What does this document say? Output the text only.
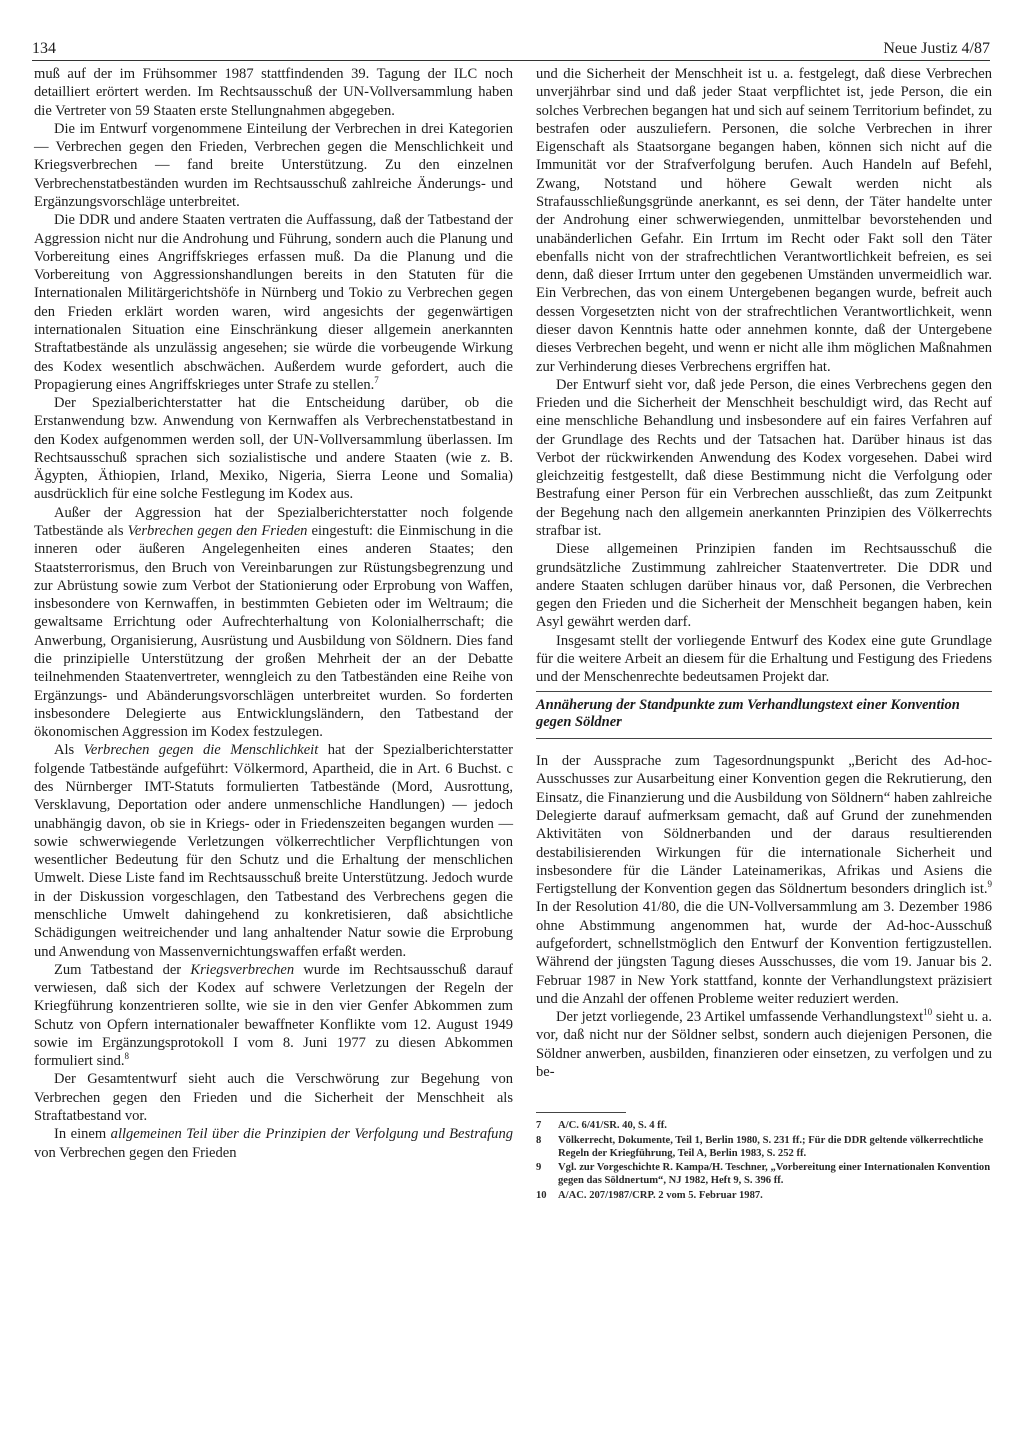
134	Neue Justiz 4/87

muß auf der im Frühsommer 1987 stattfindenden 39. Tagung der ILC noch detailliert erörtert werden. Im Rechtsausschuß der UN-Vollversammlung haben die Vertreter von 59 Staaten erste Stellungnahmen abgegeben.

Die im Entwurf vorgenommene Einteilung der Verbrechen in drei Kategorien — Verbrechen gegen den Frieden, Verbrechen gegen die Menschlichkeit und Kriegsverbrechen — fand breite Unterstützung. Zu den einzelnen Verbrechenstatbeständen wurden im Rechtsausschuß zahlreiche Änderungs- und Ergänzungsvorschläge unterbreitet.

Die DDR und andere Staaten vertraten die Auffassung, daß der Tatbestand der Aggression nicht nur die Androhung und Führung, sondern auch die Planung und Vorbereitung eines Angriffskrieges erfassen muß. Da die Planung und die Vorbereitung von Aggressionshandlungen bereits in den Statuten für die Internationalen Militärgerichtshöfe in Nürnberg und Tokio zu Verbrechen gegen den Frieden erklärt worden waren, wird angesichts der gegenwärtigen internationalen Situation eine Einschränkung dieser allgemein anerkannten Straftatbestände als unzulässig angesehen; sie würde die vorbeugende Wirkung des Kodex wesentlich abschwächen. Außerdem wurde gefordert, auch die Propagierung eines Angriffskrieges unter Strafe zu stellen.$^7$

Der Spezialberichterstatter hat die Entscheidung darüber, ob die Erstanwendung bzw. Anwendung von Kernwaffen als Verbrechenstatbestand in den Kodex aufgenommen werden soll, der UN-Vollversammlung überlassen. Im Rechtsausschuß sprachen sich sozialistische und andere Staaten (wie z. B. Ägypten, Äthiopien, Irland, Mexiko, Nigeria, Sierra Leone und Somalia) ausdrücklich für eine solche Festlegung im Kodex aus.

Außer der Aggression hat der Spezialberichterstatter noch folgende Tatbestände als Verbrechen gegen den Frieden eingestuft: die Einmischung in die inneren oder äußeren Angelegenheiten eines anderen Staates; den Staatsterrorismus, den Bruch von Vereinbarungen zur Rüstungsbegrenzung und zur Abrüstung sowie zum Verbot der Stationierung oder Erprobung von Waffen, insbesondere von Kernwaffen, in bestimmten Gebieten oder im Weltraum; die gewaltsame Errichtung oder Aufrechterhaltung von Kolonialherrschaft; die Anwerbung, Organisierung, Ausrüstung und Ausbildung von Söldnern. Dies fand die prinzipielle Unterstützung der großen Mehrheit der an der Debatte teilnehmenden Staatenvertreter, wenngleich zu den Tatbeständen eine Reihe von Ergänzungs- und Abänderungsvorschlägen unterbreitet wurden. So forderten insbesondere Delegierte aus Entwicklungsländern, den Tatbestand der ökonomischen Aggression im Kodex festzulegen.

Als Verbrechen gegen die Menschlichkeit hat der Spezialberichterstatter folgende Tatbestände aufgeführt: Völkermord, Apartheid, die in Art. 6 Buchst. c des Nürnberger IMT-Statuts formulierten Tatbestände (Mord, Ausrottung, Versklavung, Deportation oder andere unmenschliche Handlungen) — jedoch unabhängig davon, ob sie in Kriegs- oder in Friedenszeiten begangen wurden — sowie schwerwiegende Verletzungen völkerrechtlicher Verpflichtungen von wesentlicher Bedeutung für den Schutz und die Erhaltung der menschlichen Umwelt. Diese Liste fand im Rechtsausschuß breite Unterstützung. Jedoch wurde in der Diskussion vorgeschlagen, den Tatbestand des Verbrechens gegen die menschliche Umwelt dahingehend zu konkretisieren, daß absichtliche Schädigungen weitreichender und lang anhaltender Natur sowie die Erprobung und Anwendung von Massenvernichtungswaffen erfaßt werden.

Zum Tatbestand der Kriegsverbrechen wurde im Rechtsausschuß darauf verwiesen, daß sich der Kodex auf schwere Verletzungen der Regeln der Kriegführung konzentrieren sollte, wie sie in den vier Genfer Abkommen zum Schutz von Opfern internationaler bewaffneter Konflikte vom 12. August 1949 sowie im Ergänzungsprotokoll I vom 8. Juni 1977 zu diesen Abkommen formuliert sind.$^8$

Der Gesamtentwurf sieht auch die Verschwörung zur Begehung von Verbrechen gegen den Frieden und die Sicherheit der Menschheit als Straftatbestand vor.

In einem allgemeinen Teil über die Prinzipien der Verfolgung und Bestrafung von Verbrechen gegen den Frieden

und die Sicherheit der Menschheit ist u. a. festgelegt, daß diese Verbrechen unverjährbar sind und daß jeder Staat verpflichtet ist, jede Person, die ein solches Verbrechen begangen hat und sich auf seinem Territorium befindet, zu bestrafen oder auszuliefern. Personen, die solche Verbrechen in ihrer Eigenschaft als Staatsorgane begangen haben, können sich nicht auf die Immunität vor der Strafverfolgung berufen. Auch Handeln auf Befehl, Zwang, Notstand und höhere Gewalt werden nicht als Strafausschließungsgründe anerkannt, es sei denn, der Täter handelte unter der Androhung einer schwerwiegenden, unmittelbar bevorstehenden und unabänderlichen Gefahr. Ein Irrtum im Recht oder Fakt soll den Täter ebenfalls nicht von der strafrechtlichen Verantwortlichkeit befreien, es sei denn, daß dieser Irrtum unter den gegebenen Umständen unvermeidlich war. Ein Verbrechen, das von einem Untergebenen begangen wurde, befreit auch dessen Vorgesetzten nicht von der strafrechtlichen Verantwortlichkeit, wenn dieser davon Kenntnis hatte oder annehmen konnte, daß der Untergebene dieses Verbrechen begeht, und wenn er nicht alle ihm möglichen Maßnahmen zur Verhinderung dieses Verbrechens ergriffen hat.

Der Entwurf sieht vor, daß jede Person, die eines Verbrechens gegen den Frieden und die Sicherheit der Menschheit beschuldigt wird, das Recht auf eine menschliche Behandlung und insbesondere auf ein faires Verfahren auf der Grundlage des Rechts und der Tatsachen hat. Darüber hinaus ist das Verbot der rückwirkenden Anwendung des Kodex vorgesehen. Dabei wird gleichzeitig festgestellt, daß diese Bestimmung nicht die Verfolgung oder Bestrafung einer Person für ein Verbrechen ausschließt, das zum Zeitpunkt der Begehung nach den allgemein anerkannten Prinzipien des Völkerrechts strafbar ist.

Diese allgemeinen Prinzipien fanden im Rechtsausschuß die grundsätzliche Zustimmung zahlreicher Staatenvertreter. Die DDR und andere Staaten schlugen darüber hinaus vor, daß Personen, die Verbrechen gegen den Frieden und die Sicherheit der Menschheit begangen haben, kein Asyl gewährt werden darf.

Insgesamt stellt der vorliegende Entwurf des Kodex eine gute Grundlage für die weitere Arbeit an diesem für die Erhaltung und Festigung des Friedens und der Menschenrechte bedeutsamen Projekt dar.

Annäherung der Standpunkte zum Verhandlungstext einer Konvention gegen Söldner

In der Aussprache zum Tagesordnungspunkt „Bericht des Ad-hoc-Ausschusses zur Ausarbeitung einer Konvention gegen die Rekrutierung, den Einsatz, die Finanzierung und die Ausbildung von Söldnern“ haben zahlreiche Delegierte darauf aufmerksam gemacht, daß auf Grund der zunehmenden Aktivitäten von Söldnerbanden und der daraus resultierenden destabilisierenden Wirkungen für die internationale Sicherheit und insbesondere für die Länder Lateinamerikas, Afrikas und Asiens die Fertigstellung der Konvention gegen das Söldnertum besonders dringlich ist.$^9$ In der Resolution 41/80, die die UN-Vollversammlung am 3. Dezember 1986 ohne Abstimmung angenommen hat, wurde der Ad-hoc-Ausschuß aufgefordert, schnellstmöglich den Entwurf der Konvention fertigzustellen. Während der jüngsten Tagung dieses Ausschusses, die vom 19. Januar bis 2. Februar 1987 in New York stattfand, konnte der Verhandlungstext präzisiert und die Anzahl der offenen Probleme weiter reduziert werden.

Der jetzt vorliegende, 23 Artikel umfassende Verhandlungstext$^{10}$ sieht u. a. vor, daß nicht nur der Söldner selbst, sondern auch diejenigen Personen, die Söldner anwerben, ausbilden, finanzieren oder einsetzen, zu verfolgen und zu be-

7	A/C. 6/41/SR. 40, S. 4 ff.
8	Völkerrecht, Dokumente, Teil 1, Berlin 1980, S. 231 ff.; Für die DDR geltende völkerrechtliche Regeln der Kriegführung, Teil A, Berlin 1983, S. 252 ff.
9	Vgl. zur Vorgeschichte R. Kampa/H. Teschner, „Vorbereitung einer Internationalen Konvention gegen das Söldnertum“, NJ 1982, Heft 9, S. 396 ff.
10	A/AC. 207/1987/CRP. 2 vom 5. Februar 1987.
